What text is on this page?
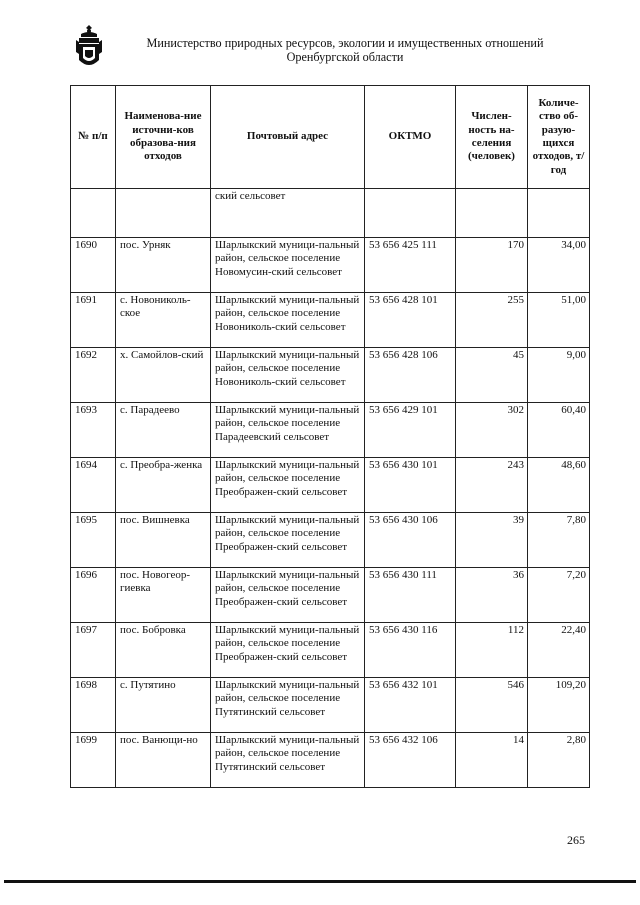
Министерство природных ресурсов, экологии и имущественных отношений
Оренбургской области
№ п/п	Наименова-ние источни-ков образова-ния отходов	Почтовый адрес	ОКТМО	Числен-ность на-селения (человек)	Количе-ство об-разую-щихся отходов, т/год
		ский сельсовет			
1690	пос. Урняк	Шарлыкский муници-пальный район, сельское поселение Новомусин-ский сельсовет	53 656 425 111	170	34,00
1691	с. Новониколь-ское	Шарлыкский муници-пальный район, сельское поселение Новониколь-ский сельсовет	53 656 428 101	255	51,00
1692	х. Самойлов-ский	Шарлыкский муници-пальный район, сельское поселение Новониколь-ский сельсовет	53 656 428 106	45	9,00
1693	с. Парадеево	Шарлыкский муници-пальный район, сельское поселение Парадеевский сельсовет	53 656 429 101	302	60,40
1694	с. Преобра-женка	Шарлыкский муници-пальный район, сельское поселение Преображен-ский сельсовет	53 656 430 101	243	48,60
1695	пос. Вишневка	Шарлыкский муници-пальный район, сельское поселение Преображен-ский сельсовет	53 656 430 106	39	7,80
1696	пос. Новогеор-гиевка	Шарлыкский муници-пальный район, сельское поселение Преображен-ский сельсовет	53 656 430 111	36	7,20
1697	пос. Бобровка	Шарлыкский муници-пальный район, сельское поселение Преображен-ский сельсовет	53 656 430 116	112	22,40
1698	с. Путятино	Шарлыкский муници-пальный район, сельское поселение Путятинский сельсовет	53 656 432 101	546	109,20
1699	пос. Ванющи-но	Шарлыкский муници-пальный район, сельское поселение Путятинский сельсовет	53 656 432 106	14	2,80
265
